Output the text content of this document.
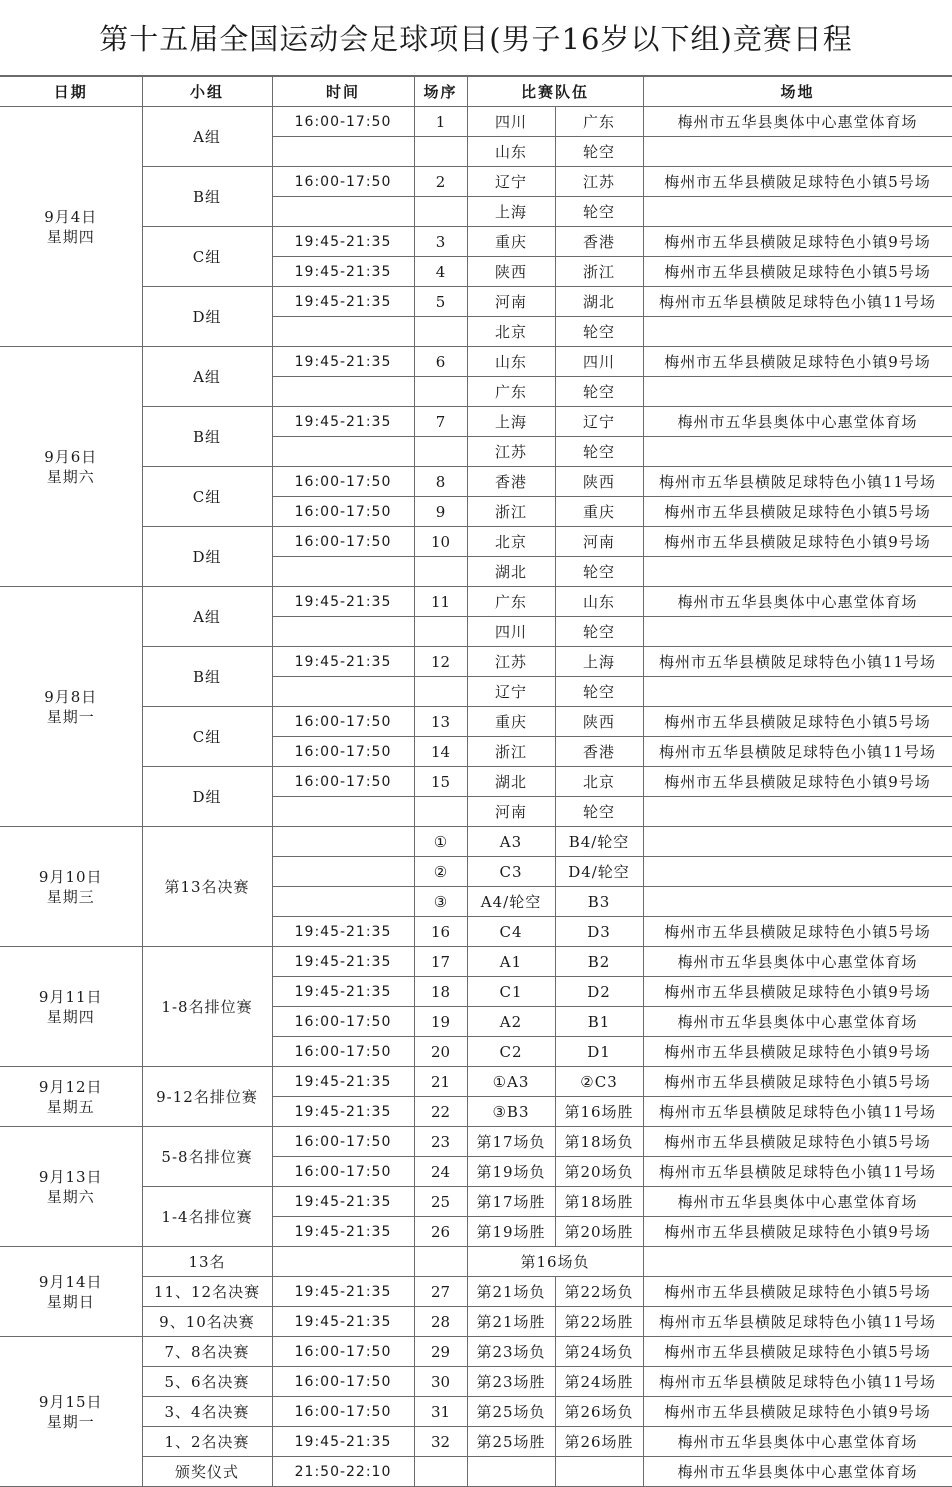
第十五届全国运动会足球项目(男子16岁以下组)竞赛日程
日期	小组	时间	场序	比赛队伍		场地

9月4日
星期四	A组	16:00-17:50	1	四川	广东	梅州市五华县奥体中心惠堂体育场
				山东	轮空	
	B组	16:00-17:50	2	辽宁	江苏	梅州市五华县横陂足球特色小镇5号场
				上海	轮空	
	C组	19:45-21:35	3	重庆	香港	梅州市五华县横陂足球特色小镇9号场
		19:45-21:35	4	陕西	浙江	梅州市五华县横陂足球特色小镇5号场
	D组	19:45-21:35	5	河南	湖北	梅州市五华县横陂足球特色小镇11号场
				北京	轮空	

9月6日
星期六	A组	19:45-21:35	6	山东	四川	梅州市五华县横陂足球特色小镇9号场
				广东	轮空	
	B组	19:45-21:35	7	上海	辽宁	梅州市五华县奥体中心惠堂体育场
				江苏	轮空	
	C组	16:00-17:50	8	香港	陕西	梅州市五华县横陂足球特色小镇11号场
		16:00-17:50	9	浙江	重庆	梅州市五华县横陂足球特色小镇5号场
	D组	16:00-17:50	10	北京	河南	梅州市五华县横陂足球特色小镇9号场
				湖北	轮空	

9月8日
星期一	A组	19:45-21:35	11	广东	山东	梅州市五华县奥体中心惠堂体育场
				四川	轮空	
	B组	19:45-21:35	12	江苏	上海	梅州市五华县横陂足球特色小镇11号场
				辽宁	轮空	
	C组	16:00-17:50	13	重庆	陕西	梅州市五华县横陂足球特色小镇5号场
		16:00-17:50	14	浙江	香港	梅州市五华县横陂足球特色小镇11号场
	D组	16:00-17:50	15	湖北	北京	梅州市五华县横陂足球特色小镇9号场
				河南	轮空	

9月10日
星期三	第13名决赛		①	A3	B4/轮空	
			②	C3	D4/轮空	
			③	A4/轮空	B3	
		19:45-21:35	16	C4	D3	梅州市五华县横陂足球特色小镇5号场

9月11日
星期四	1-8名排位赛	19:45-21:35	17	A1	B2	梅州市五华县奥体中心惠堂体育场
		19:45-21:35	18	C1	D2	梅州市五华县横陂足球特色小镇9号场
		16:00-17:50	19	A2	B1	梅州市五华县奥体中心惠堂体育场
		16:00-17:50	20	C2	D1	梅州市五华县横陂足球特色小镇9号场

9月12日
星期五	9-12名排位赛	19:45-21:35	21	①A3	②C3	梅州市五华县横陂足球特色小镇5号场
		19:45-21:35	22	③B3	第16场胜	梅州市五华县横陂足球特色小镇11号场

9月13日
星期六	5-8名排位赛	16:00-17:50	23	第17场负	第18场负	梅州市五华县横陂足球特色小镇5号场
		16:00-17:50	24	第19场负	第20场负	梅州市五华县横陂足球特色小镇11号场
	1-4名排位赛	19:45-21:35	25	第17场胜	第18场胜	梅州市五华县奥体中心惠堂体育场
		19:45-21:35	26	第19场胜	第20场胜	梅州市五华县横陂足球特色小镇9号场

9月14日
星期日	13名			第16场负		
	11、12名决赛	19:45-21:35	27	第21场负	第22场负	梅州市五华县横陂足球特色小镇5号场
	9、10名决赛	19:45-21:35	28	第21场胜	第22场胜	梅州市五华县横陂足球特色小镇11号场

9月15日
星期一	7、8名决赛	16:00-17:50	29	第23场负	第24场负	梅州市五华县横陂足球特色小镇5号场
	5、6名决赛	16:00-17:50	30	第23场胜	第24场胜	梅州市五华县横陂足球特色小镇11号场
	3、4名决赛	16:00-17:50	31	第25场负	第26场负	梅州市五华县横陂足球特色小镇9号场
	1、2名决赛	19:45-21:35	32	第25场胜	第26场胜	梅州市五华县奥体中心惠堂体育场
	颁奖仪式	21:50-22:10				梅州市五华县奥体中心惠堂体育场
